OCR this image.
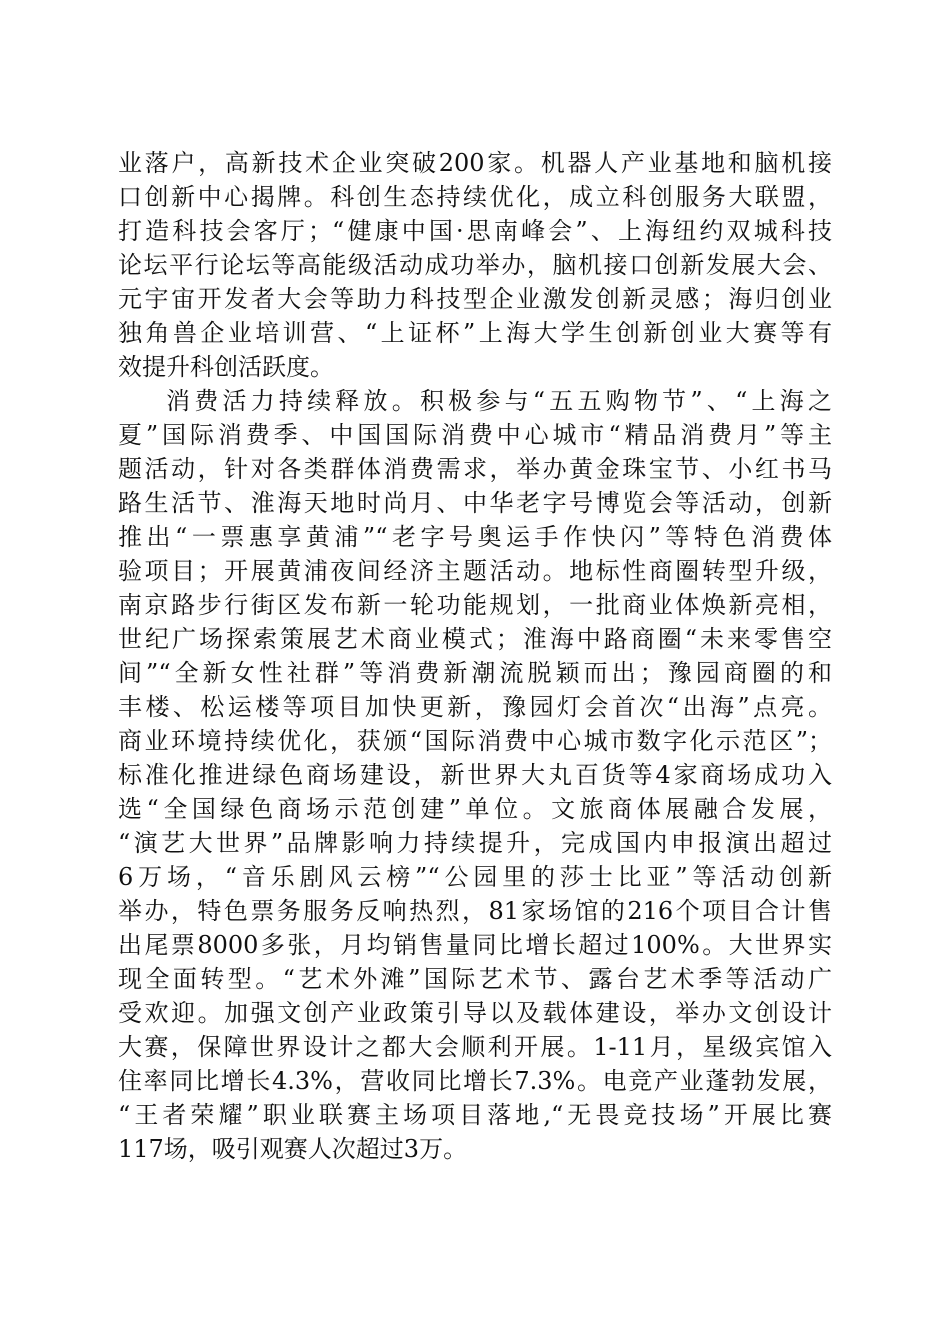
业落户，高新技术企业突破200家。机器人产业基地和脑机接
口创新中心揭牌。科创生态持续优化，成立科创服务大联盟，
打造科技会客厅；“健康中国·思南峰会”、上海纽约双城科技
论坛平行论坛等高能级活动成功举办，脑机接口创新发展大会、
元宇宙开发者大会等助力科技型企业激发创新灵感；海归创业
独角兽企业培训营、“上证杯”上海大学生创新创业大赛等有
效提升科创活跃度。
消费活力持续释放。积极参与“五五购物节”、“上海之
夏”国际消费季、中国国际消费中心城市“精品消费月”等主
题活动，针对各类群体消费需求，举办黄金珠宝节、小红书马
路生活节、淮海天地时尚月、中华老字号博览会等活动，创新
推出“一票惠享黄浦”“老字号奥运手作快闪”等特色消费体
验项目；开展黄浦夜间经济主题活动。地标性商圈转型升级，
南京路步行街区发布新一轮功能规划，一批商业体焕新亮相，
世纪广场探索策展艺术商业模式；淮海中路商圈“未来零售空
间”“全新女性社群”等消费新潮流脱颖而出；豫园商圈的和
丰楼、松运楼等项目加快更新，豫园灯会首次“出海”点亮。
商业环境持续优化，获颁“国际消费中心城市数字化示范区”；
标准化推进绿色商场建设，新世界大丸百货等4家商场成功入
选“全国绿色商场示范创建”单位。文旅商体展融合发展，
“演艺大世界”品牌影响力持续提升，完成国内申报演出超过
6万场，“音乐剧风云榜”“公园里的莎士比亚”等活动创新
举办，特色票务服务反响热烈，81家场馆的216个项目合计售
出尾票8000多张，月均销售量同比增长超过100%。大世界实
现全面转型。“艺术外滩”国际艺术节、露台艺术季等活动广
受欢迎。加强文创产业政策引导以及载体建设，举办文创设计
大赛，保障世界设计之都大会顺利开展。1-11月，星级宾馆入
住率同比增长4.3%，营收同比增长7.3%。电竞产业蓬勃发展，
“王者荣耀”职业联赛主场项目落地,“无畏竞技场”开展比赛
117场，吸引观赛人次超过3万。
